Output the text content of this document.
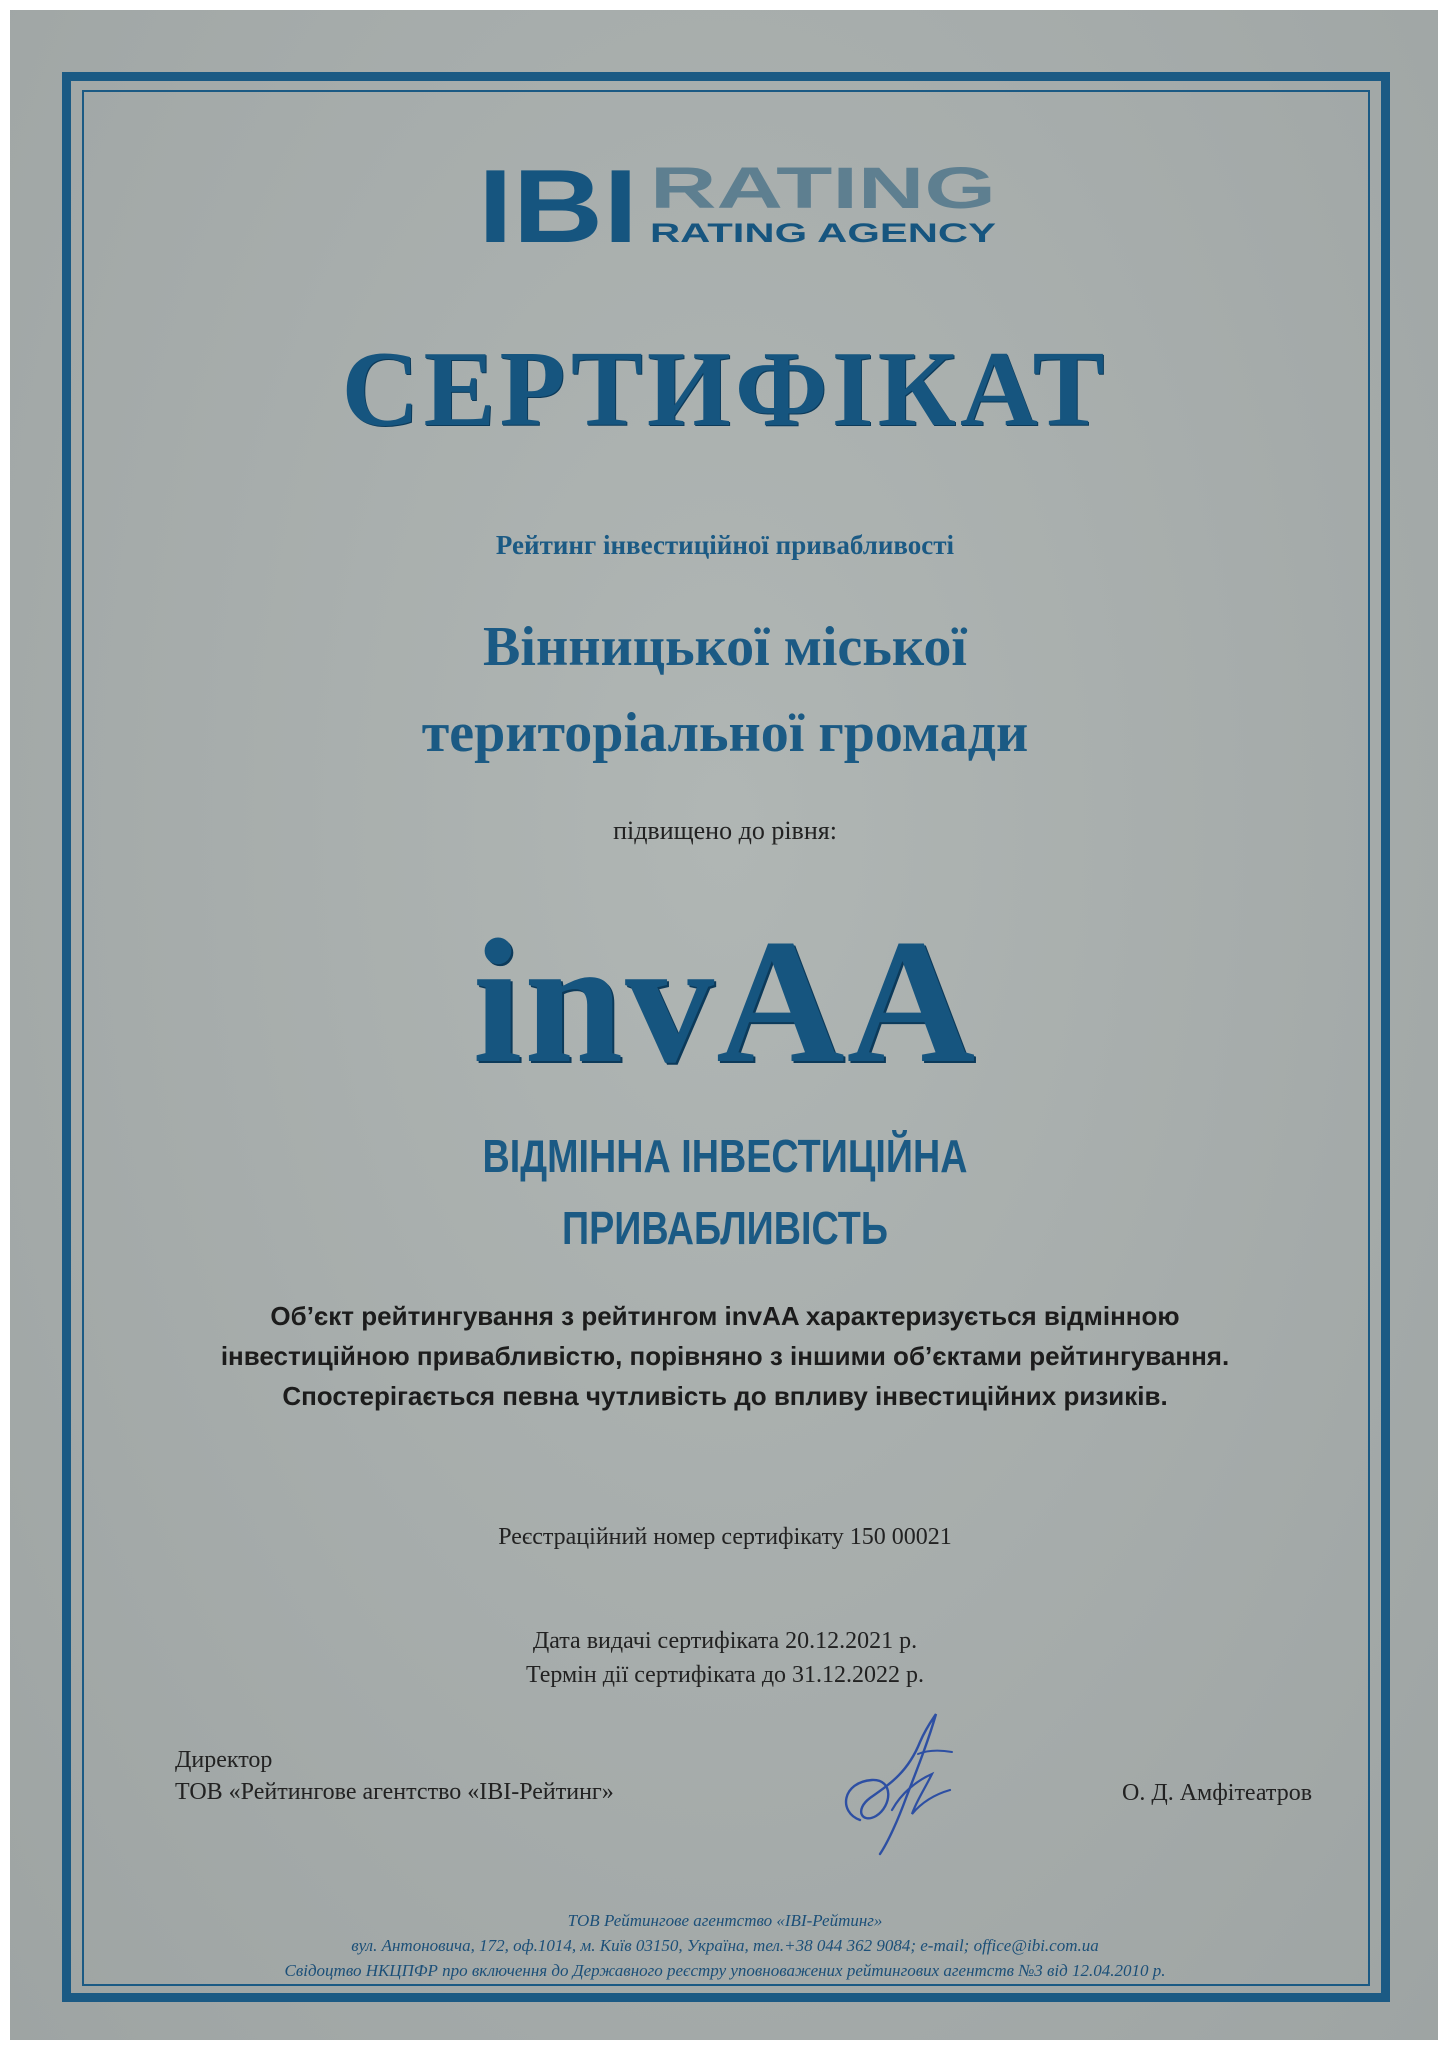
IBI RATING
RATING AGENCY
СЕРТИФІКАТ

Рейтинг інвестиційної привабливості

Вінницької міської
територіальної громади

підвищено до рівня:

invAA

ВІДМІННА ІНВЕСТИЦІЙНА
ПРИВАБЛИВІСТЬ

Об’єкт рейтингування з рейтингом invAA характеризується відмінною
інвестиційною привабливістю, порівняно з іншими об’єктами рейтингування.
Спостерігається певна чутливість до впливу інвестиційних ризиків.

Реєстраційний номер сертифікату 150 00021

Дата видачі сертифіката 20.12.2021 р.
Термін дії сертифіката до 31.12.2022 р.

Директор
ТОВ «Рейтингове агентство «ІВІ-Рейтинг»	О. Д. Амфітеатров

ТОВ Рейтингове агентство «ІВІ-Рейтинг»
вул. Антоновича, 172, оф.1014, м. Київ 03150, Україна, тел.+38 044 362 9084; e-mail; office@ibi.com.ua
Свідоцтво НКЦПФР про включення до Державного реєстру уповноважених рейтингових агентств №3 від 12.04.2010 р.
